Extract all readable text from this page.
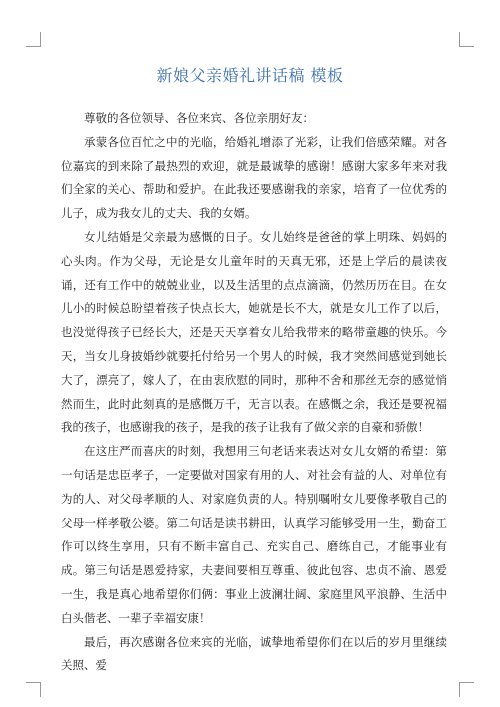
新娘父亲婚礼讲话稿 模板

尊敬的各位领导、各位来宾、各位亲朋好友：

承蒙各位百忙之中的光临，给婚礼增添了光彩，让我们倍感荣耀。对各位嘉宾的到来除了最热烈的欢迎，就是最诚挚的感谢！感谢大家多年来对我们全家的关心、帮助和爱护。在此我还要感谢我的亲家，培育了一位优秀的儿子，成为我女儿的丈夫、我的女婿。

女儿结婚是父亲最为感慨的日子。女儿始终是爸爸的掌上明珠、妈妈的心头肉。作为父母，无论是女儿童年时的天真无邪，还是上学后的晨读夜诵，还有工作中的兢兢业业，以及生活里的点点滴滴，仍然历历在目。在女儿小的时候总盼望着孩子快点长大，她就是长不大，就是女儿工作了以后，也没觉得孩子已经长大，还是天天享着女儿给我带来的略带童趣的快乐。今天，当女儿身披婚纱就要托付给另一个男人的时候，我才突然间感觉到她长大了，漂亮了，嫁人了，在由衷欣慰的同时，那种不舍和那丝无奈的感觉悄然而生，此时此刻真的是感慨万千，无言以表。在感慨之余，我还是要祝福我的孩子，也感谢我的孩子，是我的孩子让我有了做父亲的自豪和骄傲！

在这庄严而喜庆的时刻，我想用三句老话来表达对女儿女婿的希望：第一句话是忠臣孝子，一定要做对国家有用的人、对社会有益的人、对单位有为的人、对父母孝顺的人、对家庭负责的人。特别嘱咐女儿要像孝敬自己的父母一样孝敬公婆。第二句话是读书耕田，认真学习能够受用一生，勤奋工作可以终生享用，只有不断丰富自己、充实自己、磨练自己，才能事业有成。第三句话是恩爱持家，夫妻间要相互尊重、彼此包容、忠贞不渝、恩爱一生，我是真心地希望你们俩：事业上波澜壮阔、家庭里风平浪静、生活中白头偕老、一辈子幸福安康！

最后，再次感谢各位来宾的光临，诚挚地希望你们在以后的岁月里继续关照、爱
